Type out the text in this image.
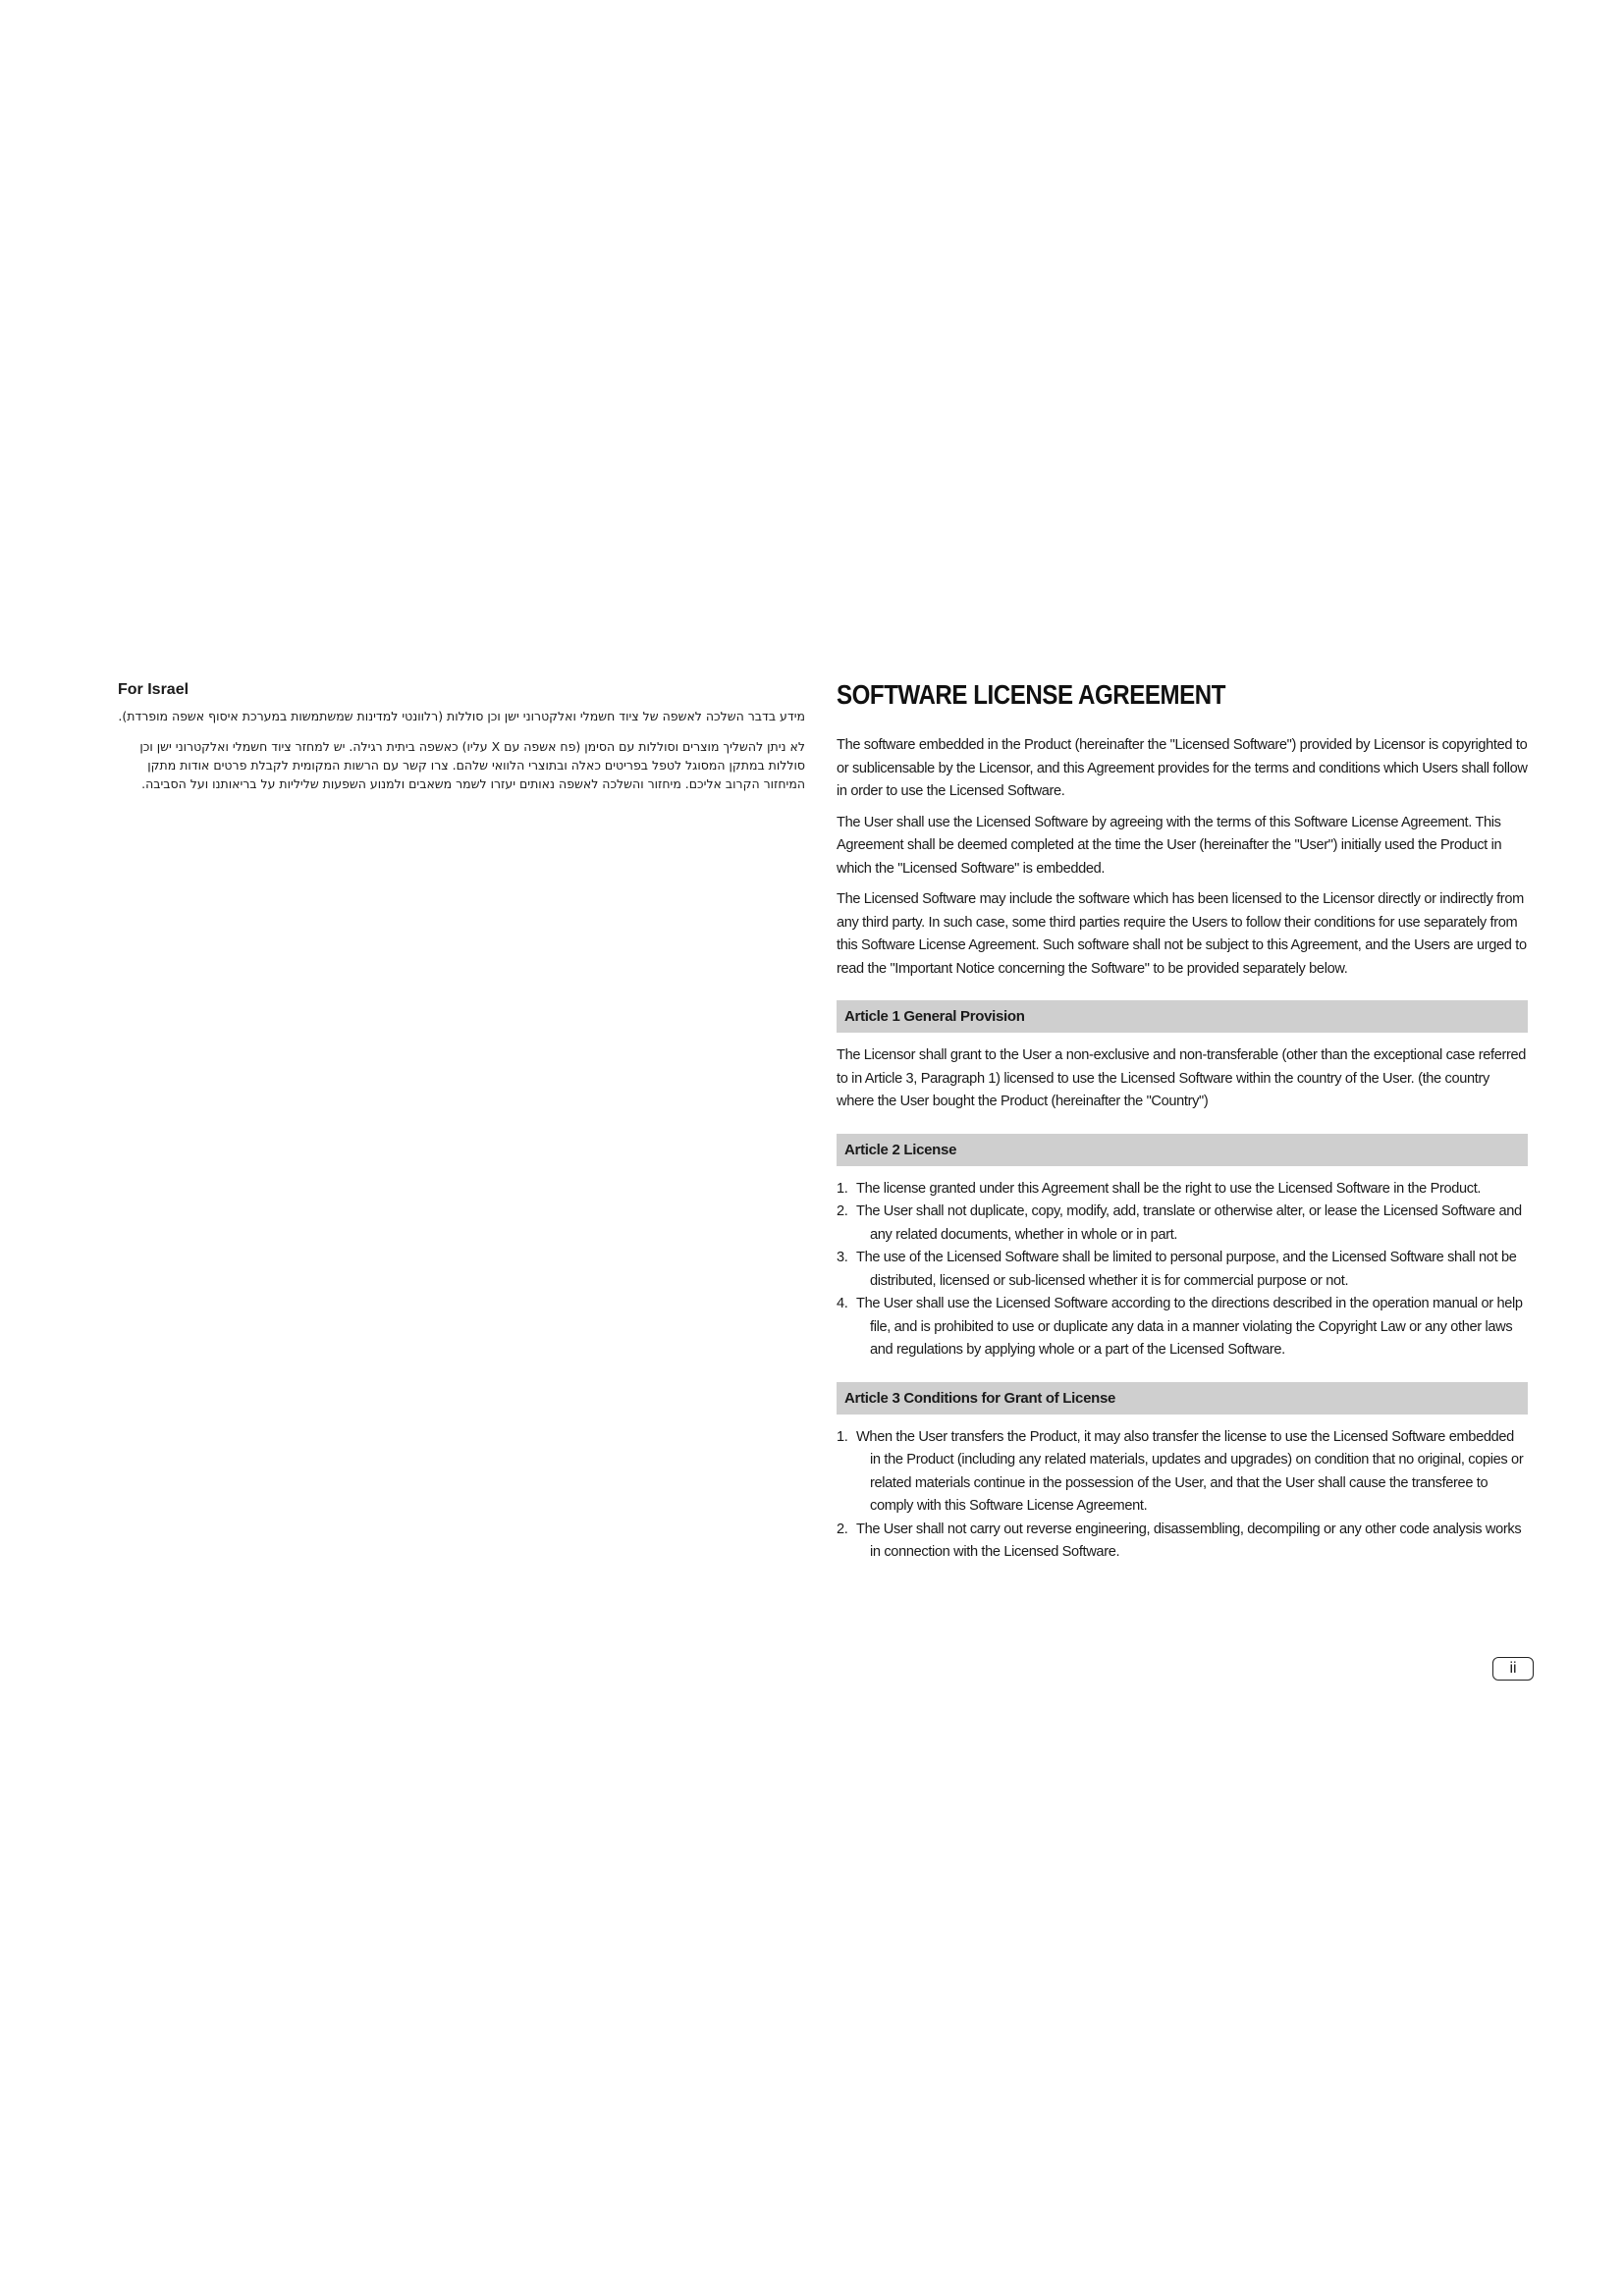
For Israel

מידע בדבר השלכה לאשפה של ציוד חשמלי ואלקטרוני ישן וכן סוללות (רלוונטי למדינות שמשתמשות במערכת איסוף אשפה מופרדת).

לא ניתן להשליך מוצרים וסוללות עם הסימן (פח אשפה עם X עליו) כאשפה ביתית רגילה. יש למחזר ציוד חשמלי ואלקטרוני ישן וכן סוללות במתקן המסוגל לטפל בפריטים כאלה ובתוצרי הלוואי שלהם. צרו קשר עם הרשות המקומית לקבלת פרטים אודות מתקן המיחזור הקרוב אליכם. מיחזור והשלכה לאשפה נאותים יעזרו לשמר משאבים ולמנוע השפעות שליליות על בריאותנו ועל הסביבה.

SOFTWARE LICENSE AGREEMENT

The software embedded in the Product (hereinafter the "Licensed Software") provided by Licensor is copyrighted to or sublicensable by the Licensor, and this Agreement provides for the terms and conditions which Users shall follow in order to use the Licensed Software.

The User shall use the Licensed Software by agreeing with the terms of this Software License Agreement. This Agreement shall be deemed completed at the time the User (hereinafter the "User") initially used the Product in which the "Licensed Software" is embedded.

The Licensed Software may include the software which has been licensed to the Licensor directly or indirectly from any third party. In such case, some third parties require the Users to follow their conditions for use separately from this Software License Agreement. Such software shall not be subject to this Agreement, and the Users are urged to read the "Important Notice concerning the Software" to be provided separately below.

Article 1 General Provision

The Licensor shall grant to the User a non-exclusive and non-transferable (other than the exceptional case referred to in Article 3, Paragraph 1) licensed to use the Licensed Software within the country of the User. (the country where the User bought the Product (hereinafter the "Country")

Article 2 License
1. The license granted under this Agreement shall be the right to use the Licensed Software in the Product.
2. The User shall not duplicate, copy, modify, add, translate or otherwise alter, or lease the Licensed Software and any related documents, whether in whole or in part.
3. The use of the Licensed Software shall be limited to personal purpose, and the Licensed Software shall not be distributed, licensed or sub-licensed whether it is for commercial purpose or not.
4. The User shall use the Licensed Software according to the directions described in the operation manual or help file, and is prohibited to use or duplicate any data in a manner violating the Copyright Law or any other laws and regulations by applying whole or a part of the Licensed Software.
Article 3 Conditions for Grant of License
1. When the User transfers the Product, it may also transfer the license to use the Licensed Software embedded in the Product (including any related materials, updates and upgrades) on condition that no original, copies or related materials continue in the possession of the User, and that the User shall cause the transferee to comply with this Software License Agreement.
2. The User shall not carry out reverse engineering, disassembling, decompiling or any other code analysis works in connection with the Licensed Software.
ii
